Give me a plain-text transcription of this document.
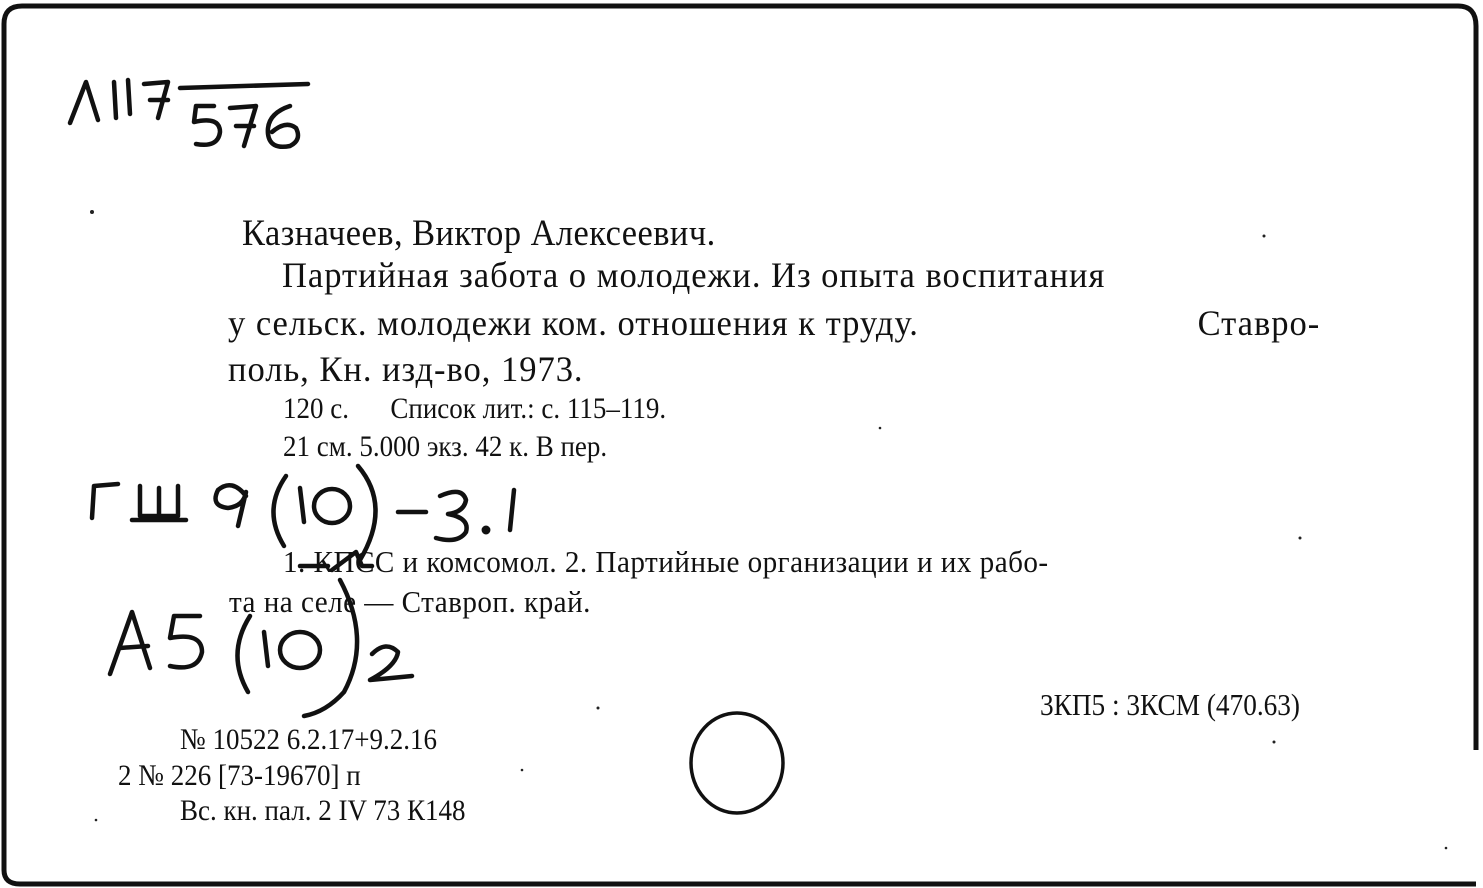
Казначеев, Виктор Алексеевич.
Партийная забота о молодежи. Из опыта воспитания
у сельск. молодежи ком. отношения к труду.	Ставро-
поль, Кн. изд-во, 1973.
120 с. Список лит.: с. 115–119.
21 см. 5.000 экз. 42 к. В пер.
1. КПСС и комсомол. 2. Партийные организации и их рабо-
та на селе — Ставроп. край.
3КП5 : 3КСМ (470.63)
№ 10522 6.2.17+9.2.16
2 № 226 [73-19670] п
Вс. кн. пал. 2 IV 73 К148
